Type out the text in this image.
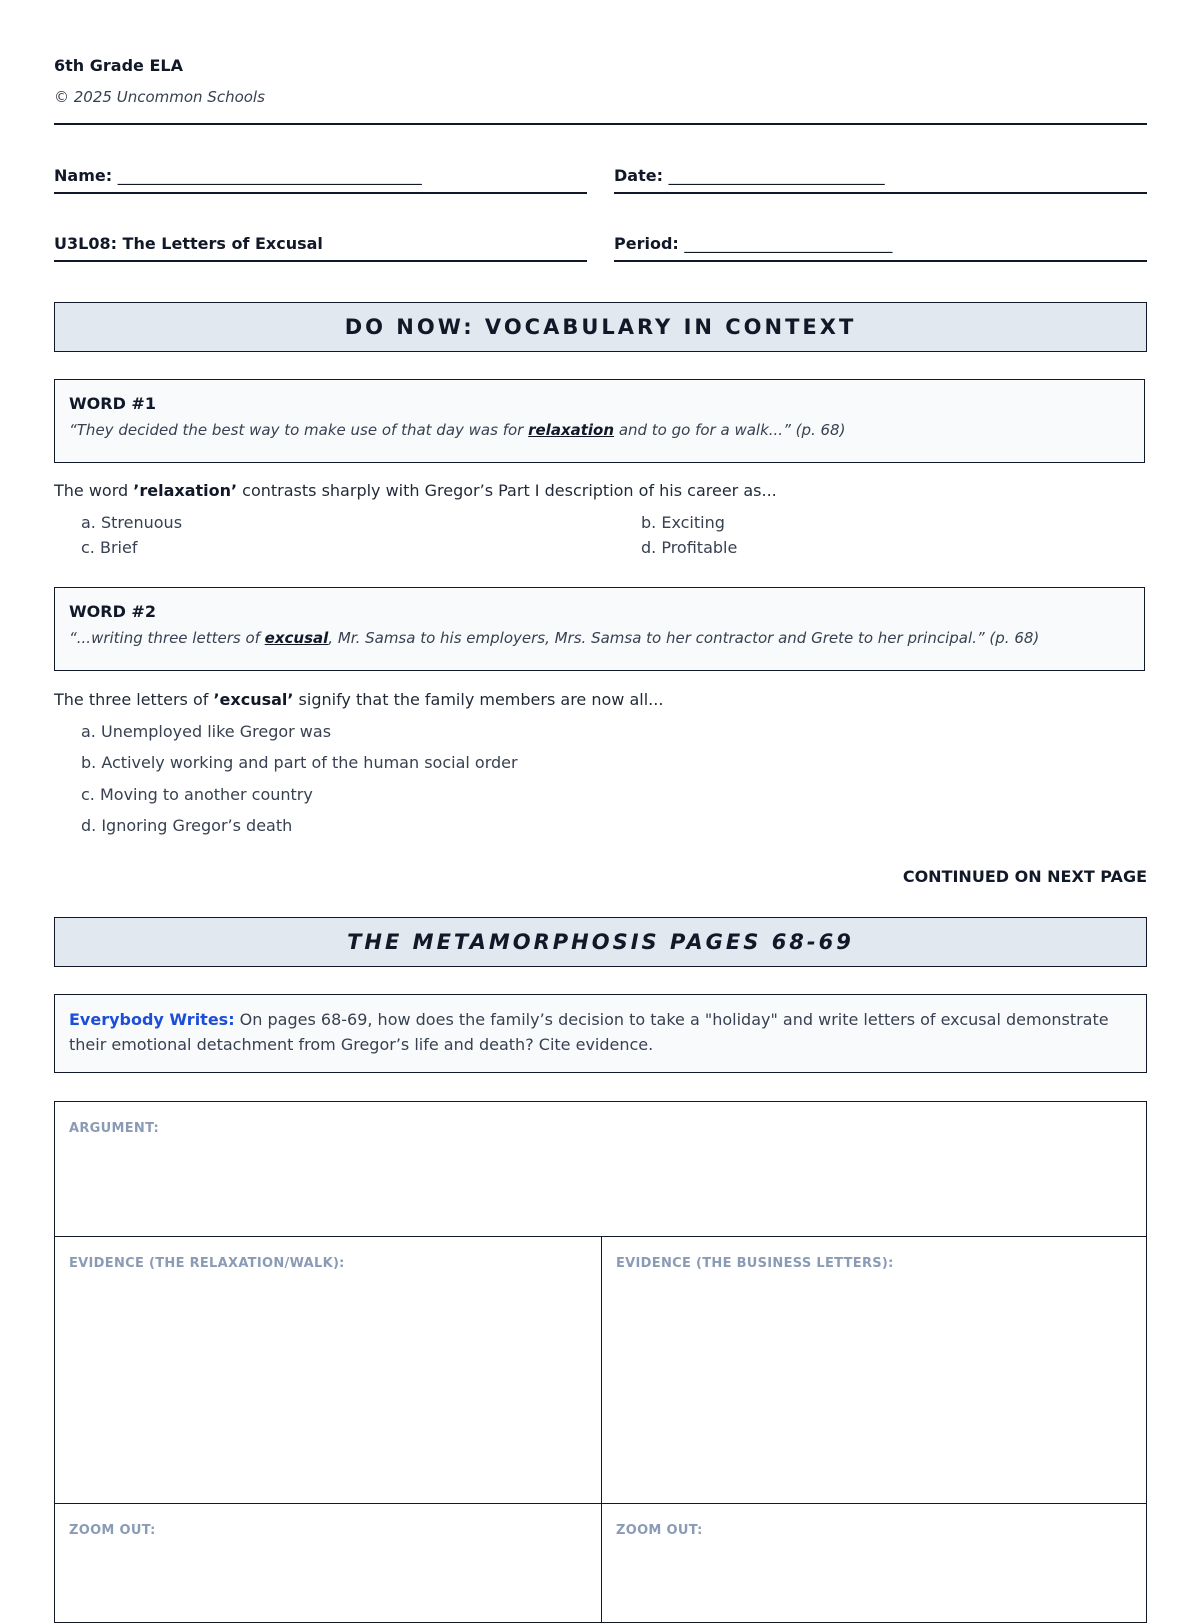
6th Grade ELA
© 2025 Uncommon Schools
Name: ______________________________________	Date: ___________________________
U3L08: The Letters of Excusal	Period: __________________________
DO NOW: VOCABULARY IN CONTEXT
WORD #1
“They decided the best way to make use of that day was for relaxation and to go for a walk...” (p. 68)
The word ’relaxation’ contrasts sharply with Gregor’s Part I description of his career as...
a. Strenuous	b. Exciting
c. Brief	d. Profitable
WORD #2
“...writing three letters of excusal, Mr. Samsa to his employers, Mrs. Samsa to her contractor and Grete to her principal.” (p. 68)
The three letters of ’excusal’ signify that the family members are now all...
a. Unemployed like Gregor was
b. Actively working and part of the human social order
c. Moving to another country
d. Ignoring Gregor’s death
CONTINUED ON NEXT PAGE
THE METAMORPHOSIS PAGES 68-69
Everybody Writes: On pages 68-69, how does the family’s decision to take a "holiday" and write letters of excusal demonstrate their emotional detachment from Gregor’s life and death? Cite evidence.
ARGUMENT:
EVIDENCE (THE RELAXATION/WALK):	EVIDENCE (THE BUSINESS LETTERS):
ZOOM OUT:	ZOOM OUT:
